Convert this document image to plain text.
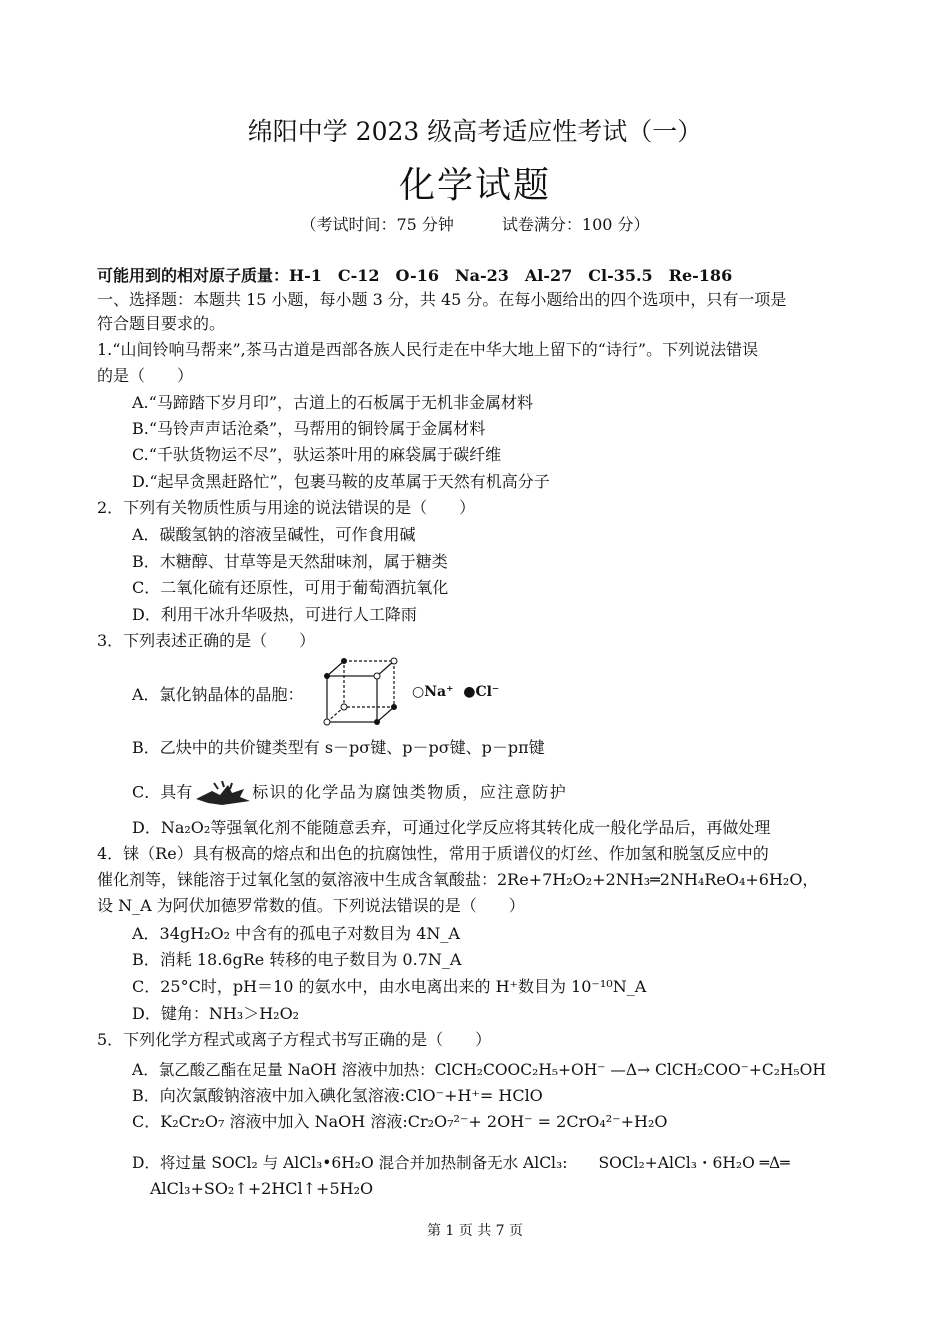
绵阳中学 2023 级高考适应性考试（一）
化学试题
（考试时间：75 分钟　　　试卷满分：100 分）
可能用到的相对原子质量：H-1　C-12　O-16　Na-23　Al-27　Cl-35.5　Re-186
一、选择题：本题共 15 小题，每小题 3 分，共 45 分。在每小题给出的四个选项中，只有一项是
符合题目要求的。
1.“山间铃响马帮来”,茶马古道是西部各族人民行走在中华大地上留下的“诗行”。下列说法错误
的是（　　）
A.“马蹄踏下岁月印”，古道上的石板属于无机非金属材料
B.“马铃声声话沧桑”，马帮用的铜铃属于金属材料
C.“千驮货物运不尽”，驮运茶叶用的麻袋属于碳纤维
D.“起早贪黑赶路忙”，包裹马鞍的皮革属于天然有机高分子
2．下列有关物质性质与用途的说法错误的是（　　）
A．碳酸氢钠的溶液呈碱性，可作食用碱
B．木糖醇、甘草等是天然甜味剂，属于糖类
C．二氧化硫有还原性，可用于葡萄酒抗氧化
D．利用干冰升华吸热，可进行人工降雨
3．下列表述正确的是（　　）
A．氯化钠晶体的晶胞：	○Na⁺ ●Cl⁻
B．乙炔中的共价键类型有 s－pσ键、p－pσ键、p－pπ键
C．具有	标识的化学品为腐蚀类物质，应注意防护
D．Na₂O₂等强氧化剂不能随意丢弃，可通过化学反应将其转化成一般化学品后，再做处理
4．铼（Re）具有极高的熔点和出色的抗腐蚀性，常用于质谱仪的灯丝、作加氢和脱氢反应中的
催化剂等，铼能溶于过氧化氢的氨溶液中生成含氧酸盐：2Re+7H₂O₂+2NH₃═2NH₄ReO₄+6H₂O，
设 N_A 为阿伏加德罗常数的值。下列说法错误的是（　　）
A．34gH₂O₂ 中含有的孤电子对数目为 4N_A
B．消耗 18.6gRe 转移的电子数目为 0.7N_A
C．25°C时，pH＝10 的氨水中，由水电离出来的 H⁺数目为 10⁻¹⁰N_A
D．键角：NH₃＞H₂O₂
5．下列化学方程式或离子方程式书写正确的是（　　）
A．氯乙酸乙酯在足量 NaOH 溶液中加热：ClCH₂COOC₂H₅+OH⁻ —Δ→ ClCH₂COO⁻+C₂H₅OH
B．向次氯酸钠溶液中加入碘化氢溶液:ClO⁻+H⁺= HClO
C．K₂Cr₂O₇ 溶液中加入 NaOH 溶液:Cr₂O₇²⁻+ 2OH⁻ = 2CrO₄²⁻+H₂O
D．将过量 SOCl₂ 与 AlCl₃•6H₂O 混合并加热制备无水 AlCl₃:　　SOCl₂+AlCl₃・6H₂O ═Δ═
AlCl₃+SO₂↑+2HCl↑+5H₂O
第 1 页 共 7 页
